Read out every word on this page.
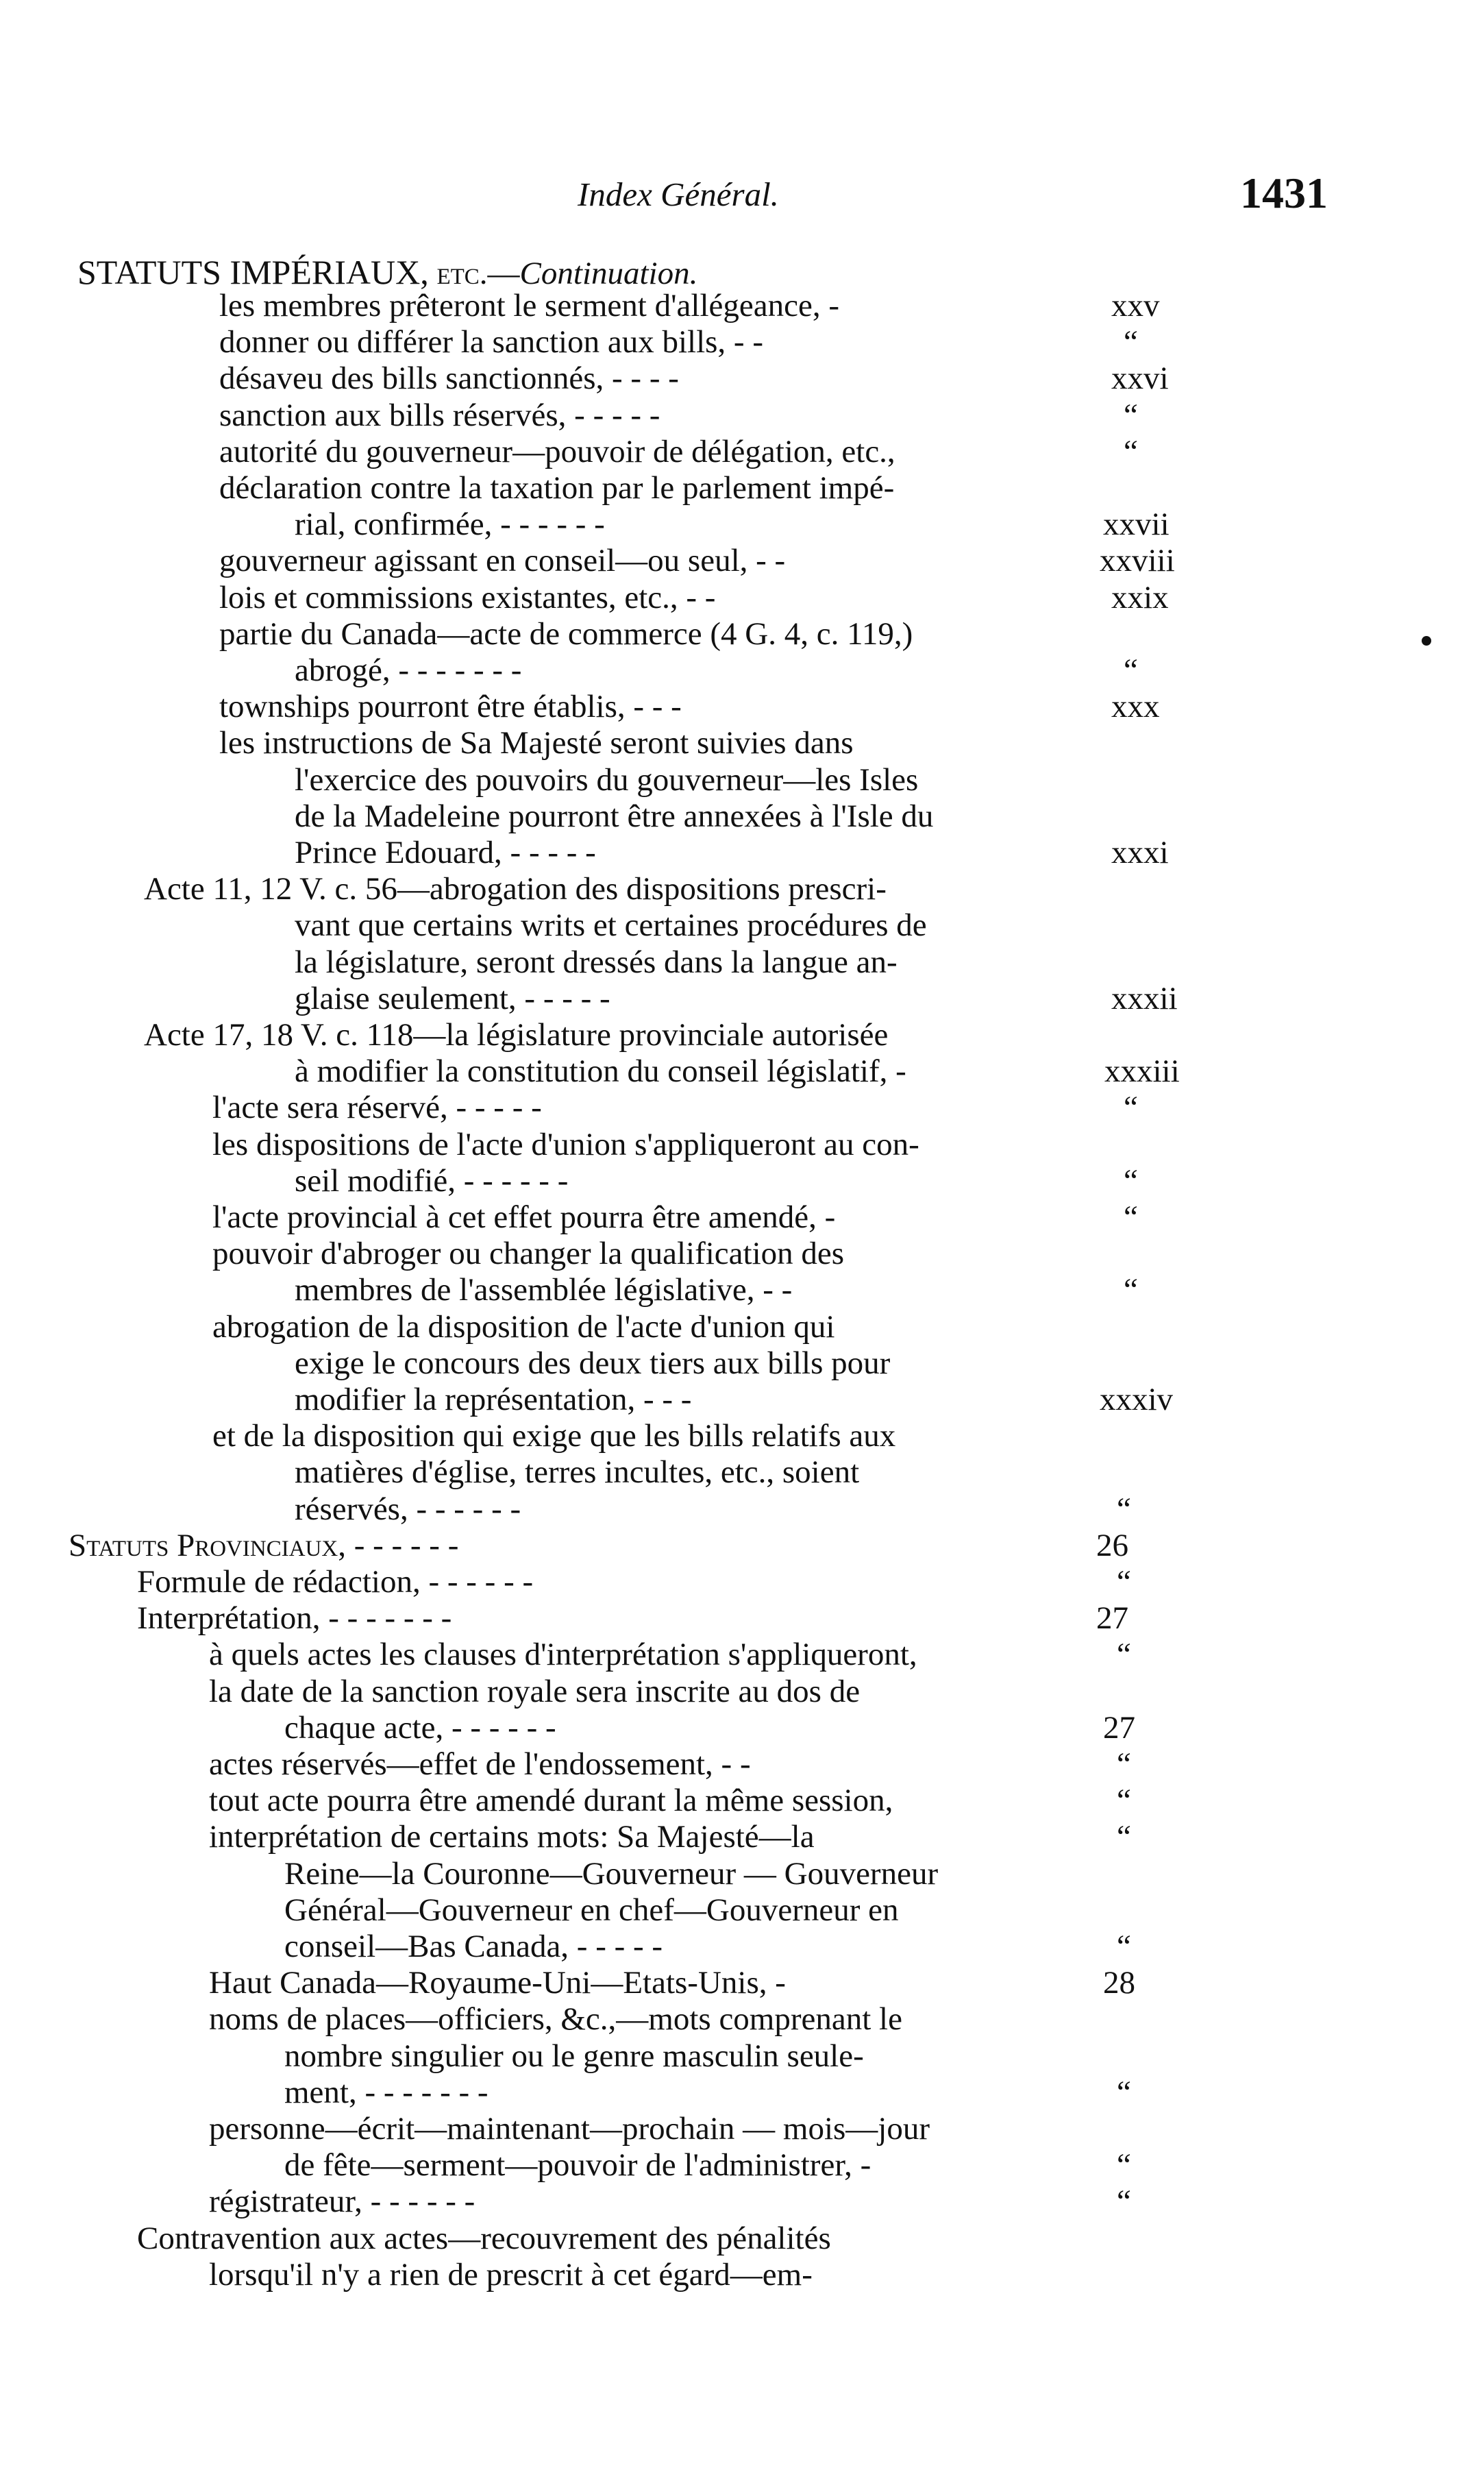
Index Général.	1431
STATUTS IMPÉRIAUX, etc.—Continuation.
les membres prêteront le serment d'allégeance, -	xxv
donner ou différer la sanction aux bills, - -	“
désaveu des bills sanctionnés, - - - -	xxvi
sanction aux bills réservés, - - - - -	“
autorité du gouverneur—pouvoir de délégation, etc.,	“
déclaration contre la taxation par le parlement impé-
rial, confirmée, - - - - - -	xxvii
gouverneur agissant en conseil—ou seul, - -	xxviii
lois et commissions existantes, etc., - -	xxix
partie du Canada—acte de commerce (4 G. 4, c. 119,)
abrogé, - - - - - - -	“
townships pourront être établis, - - -	xxx
les instructions de Sa Majesté seront suivies dans
l'exercice des pouvoirs du gouverneur—les Isles
de la Madeleine pourront être annexées à l'Isle du
Prince Edouard, - - - - -	xxxi
Acte 11, 12 V. c. 56—abrogation des dispositions prescri-
vant que certains writs et certaines procédures de
la législature, seront dressés dans la langue an-
glaise seulement, - - - - -	xxxii
Acte 17, 18 V. c. 118—la législature provinciale autorisée
à modifier la constitution du conseil législatif, -	xxxiii
l'acte sera réservé, - - - - -	“
les dispositions de l'acte d'union s'appliqueront au con-
seil modifié, - - - - - -	“
l'acte provincial à cet effet pourra être amendé, -	“
pouvoir d'abroger ou changer la qualification des
membres de l'assemblée législative, - -	“
abrogation de la disposition de l'acte d'union qui
exige le concours des deux tiers aux bills pour
modifier la représentation, - - -	xxxiv
et de la disposition qui exige que les bills relatifs aux
matières d'église, terres incultes, etc., soient
réservés, - - - - - -	“
Statuts Provinciaux, - - - - - -	26
Formule de rédaction, - - - - - -	“
Interprétation, - - - - - - -	27
à quels actes les clauses d'interprétation s'appliqueront,	“
la date de la sanction royale sera inscrite au dos de
chaque acte, - - - - - -	27
actes réservés—effet de l'endossement, - -	“
tout acte pourra être amendé durant la même session,	“
interprétation de certains mots: Sa Majesté—la	“
Reine—la Couronne—Gouverneur — Gouverneur
Général—Gouverneur en chef—Gouverneur en
conseil—Bas Canada, - - - - -	“
Haut Canada—Royaume-Uni—Etats-Unis, -	28
noms de places—officiers, &c.,—mots comprenant le
nombre singulier ou le genre masculin seule-
ment, - - - - - - -	“
personne—écrit—maintenant—prochain — mois—jour
de fête—serment—pouvoir de l'administrer, -	“
régistrateur, - - - - - -	“
Contravention aux actes—recouvrement des pénalités
lorsqu'il n'y a rien de prescrit à cet égard—em-
